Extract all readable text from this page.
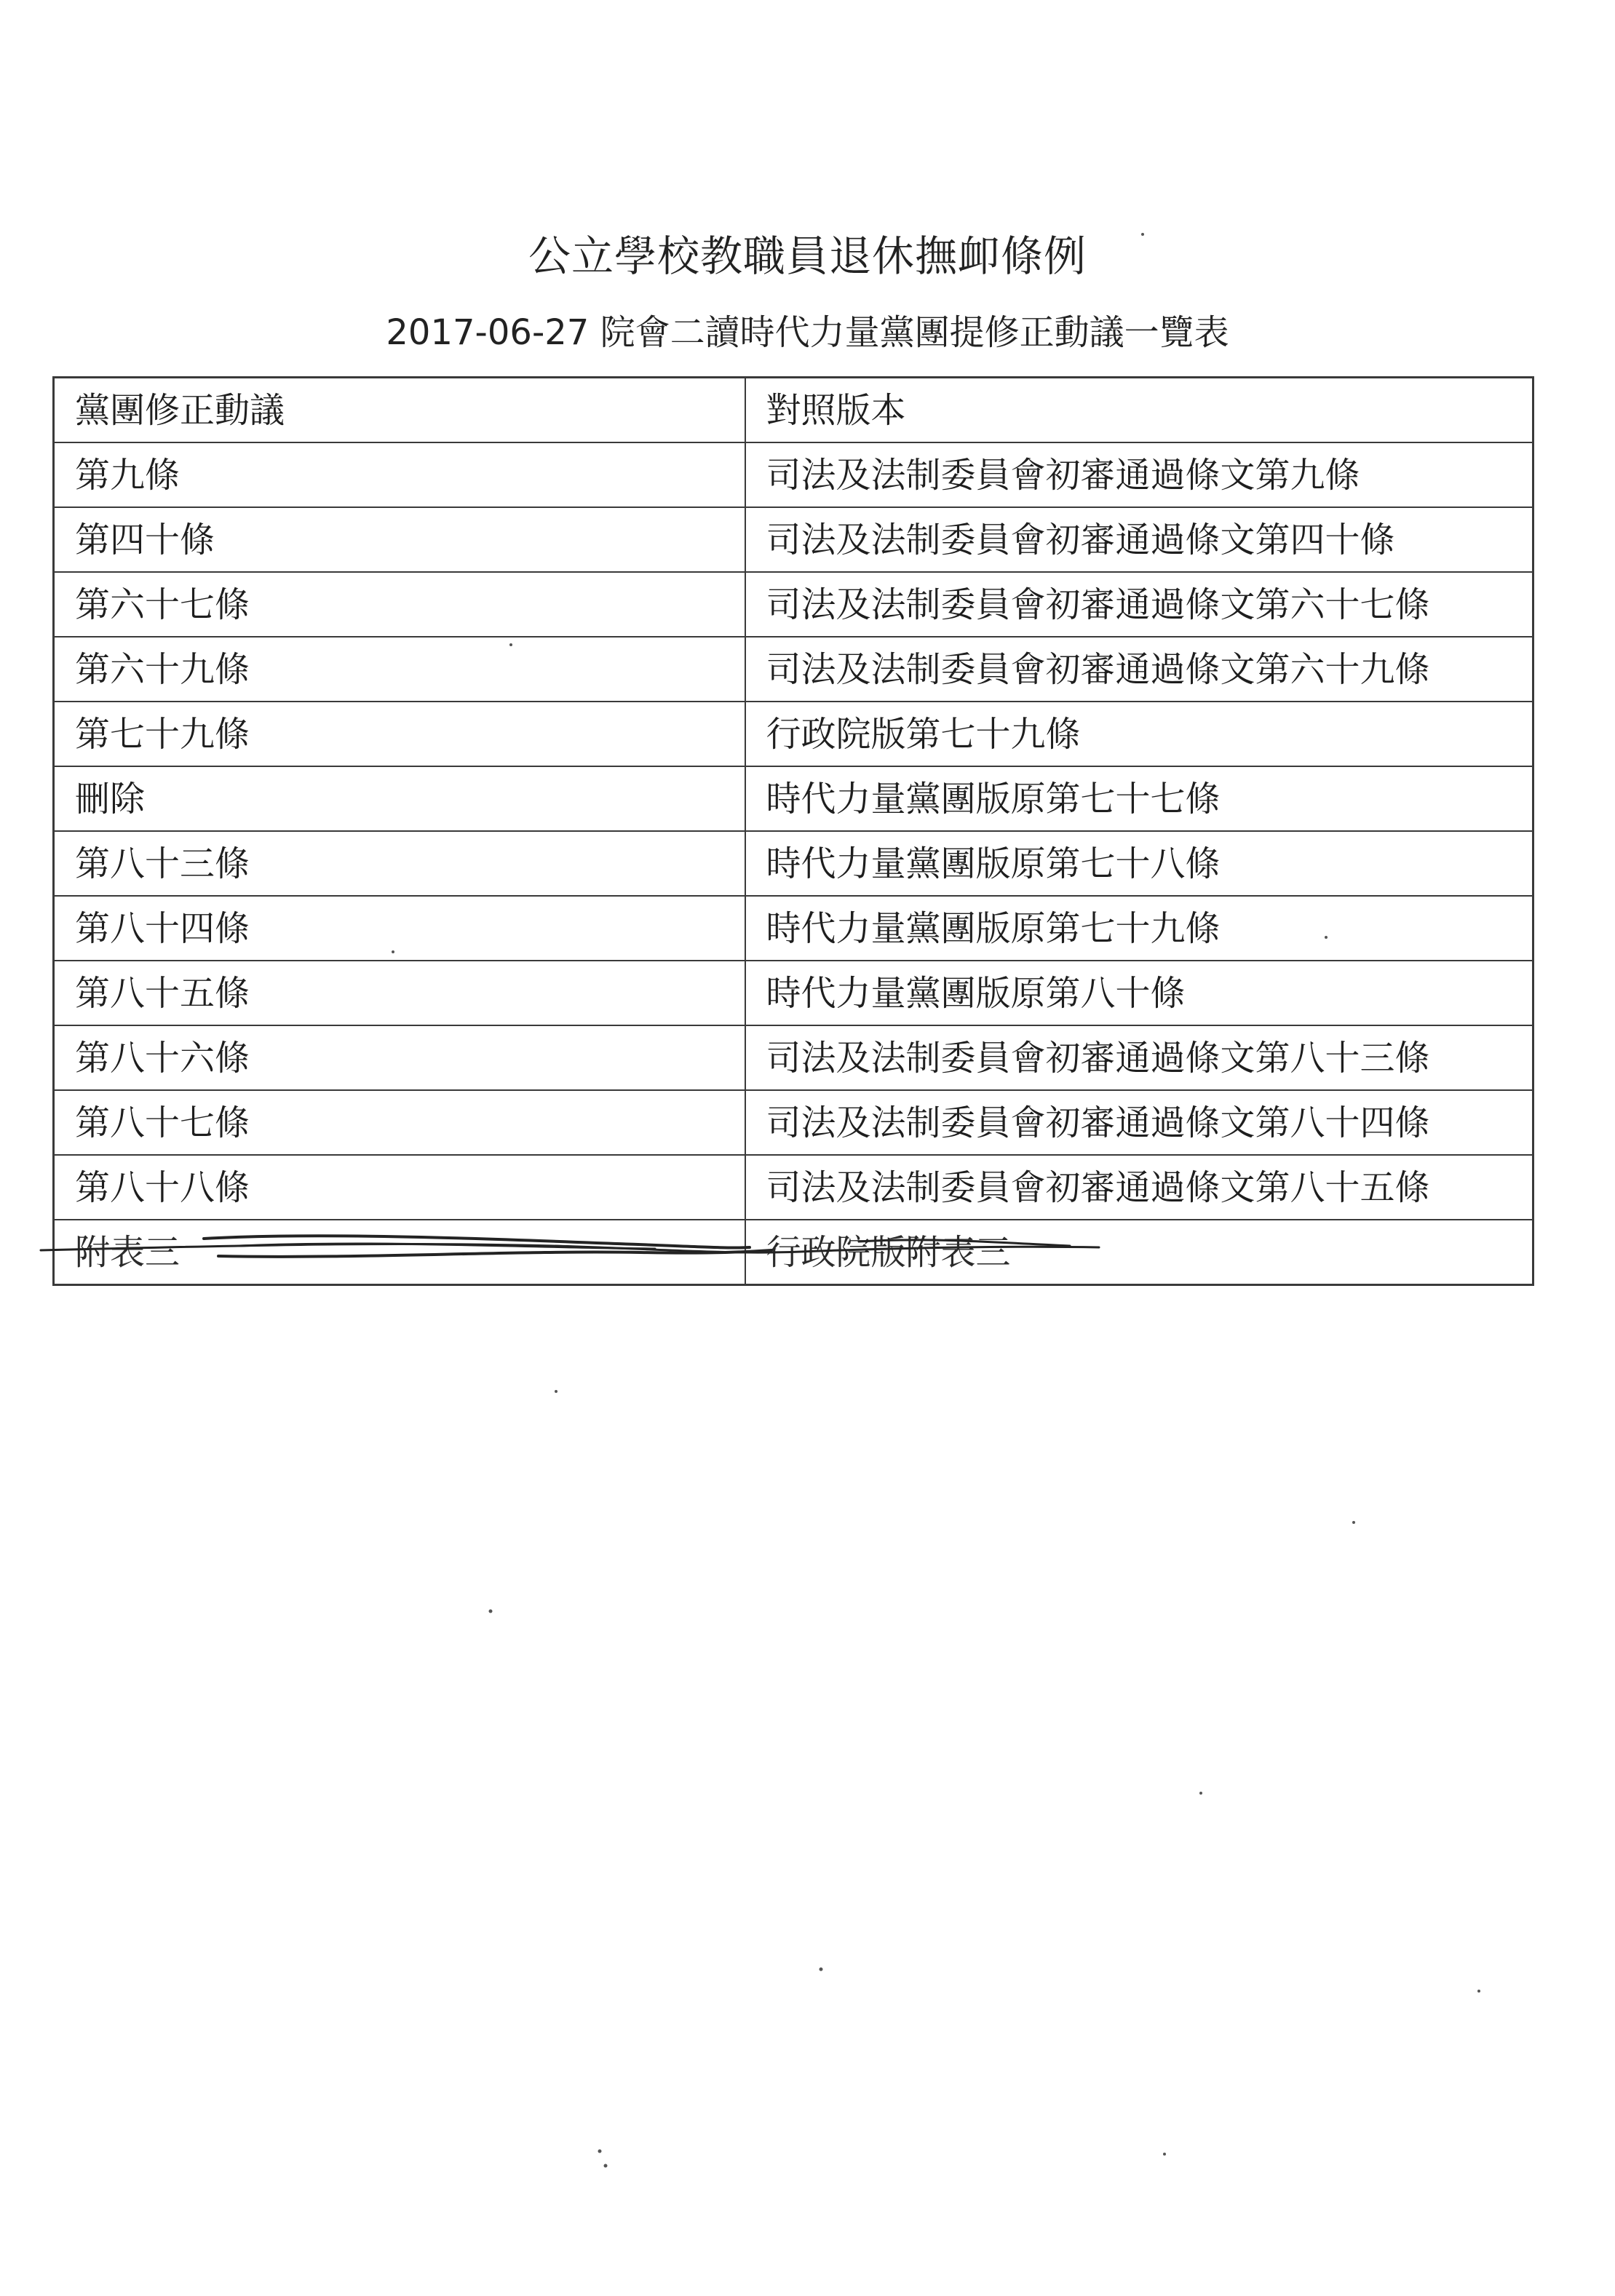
公立學校教職員退休撫卹條例
2017-06-27 院會二讀時代力量黨團提修正動議一覽表
黨團修正動議	對照版本
第九條	司法及法制委員會初審通過條文第九條
第四十條	司法及法制委員會初審通過條文第四十條
第六十七條	司法及法制委員會初審通過條文第六十七條
第六十九條	司法及法制委員會初審通過條文第六十九條
第七十九條	行政院版第七十九條
刪除	時代力量黨團版原第七十七條
第八十三條	時代力量黨團版原第七十八條
第八十四條	時代力量黨團版原第七十九條
第八十五條	時代力量黨團版原第八十條
第八十六條	司法及法制委員會初審通過條文第八十三條
第八十七條	司法及法制委員會初審通過條文第八十四條
第八十八條	司法及法制委員會初審通過條文第八十五條
附表三	行政院版附表三
